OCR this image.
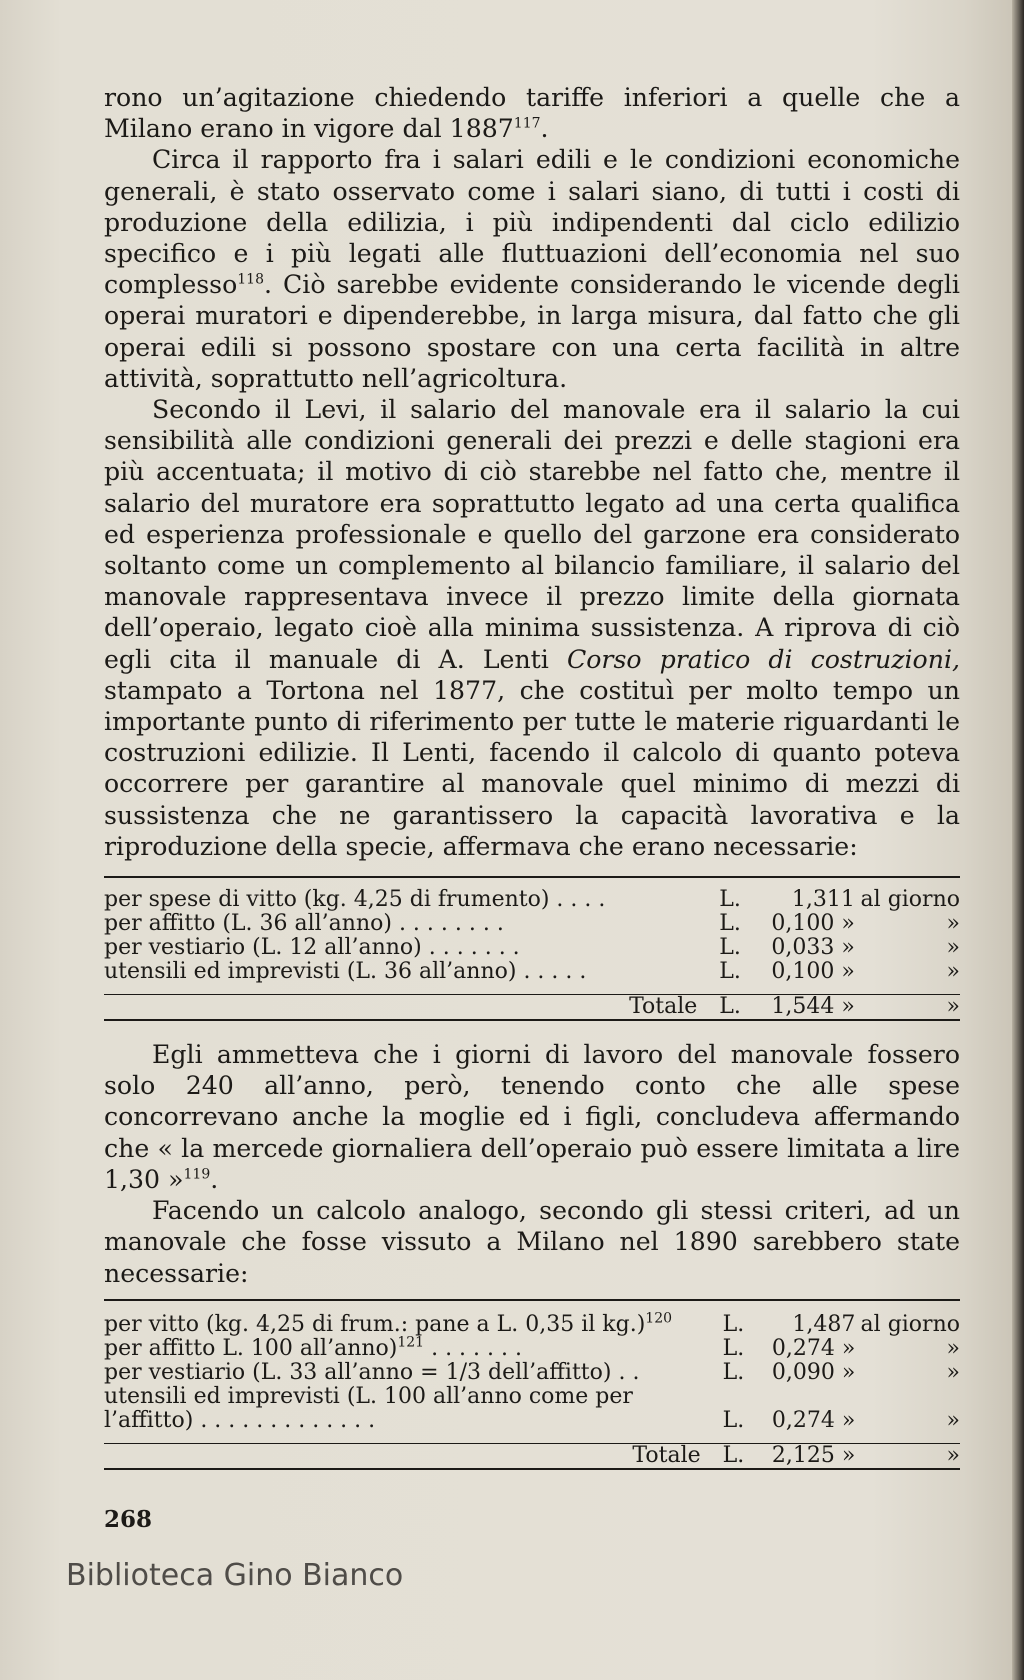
rono un’agitazione chiedendo tariffe inferiori a quelle che a Milano erano in vigore dal 1887$^{117}$.

Circa il rapporto fra i salari edili e le condizioni economiche generali, è stato osservato come i salari siano, di tutti i costi di produzione della edilizia, i più indipendenti dal ciclo edilizio specifico e i più legati alle fluttuazioni dell’economia nel suo complesso$^{118}$. Ciò sarebbe evidente considerando le vicende degli operai muratori e dipenderebbe, in larga misura, dal fatto che gli operai edili si possono spostare con una certa facilità in altre attività, soprattutto nell’agricoltura.

Secondo il Levi, il salario del manovale era il salario la cui sensibilità alle condizioni generali dei prezzi e delle stagioni era più accentuata; il motivo di ciò starebbe nel fatto che, mentre il salario del muratore era soprattutto legato ad una certa qualifica ed esperienza professionale e quello del garzone era considerato soltanto come un complemento al bilancio familiare, il salario del manovale rappresentava invece il prezzo limite della giornata dell’operaio, legato cioè alla minima sussistenza. A riprova di ciò egli cita il manuale di A. Lenti Corso pratico di costruzioni, stampato a Tortona nel 1877, che costituì per molto tempo un importante punto di riferimento per tutte le materie riguardanti le costruzioni edilizie. Il Lenti, facendo il calcolo di quanto poteva occorrere per garantire al manovale quel minimo di mezzi di sussistenza che ne garantissero la capacità lavorativa e la riproduzione della specie, affermava che erano necessarie:

per spese di vitto (kg. 4,25 di frumento) . . . .	L.	1,311	al giorno
per affitto (L. 36 all’anno) . . . . . . . .	L.	0,100 »	»
per vestiario (L. 12 all’anno) . . . . . . .	L.	0,033 »	»
utensili ed imprevisti (L. 36 all’anno) . . . . .	L.	0,100 »	»

Totale	L.	1,544 »	»

Egli ammetteva che i giorni di lavoro del manovale fossero solo 240 all’anno, però, tenendo conto che alle spese concorrevano anche la moglie ed i figli, concludeva affermando che « la mercede giornaliera dell’operaio può essere limitata a lire 1,30 »$^{119}$.

Facendo un calcolo analogo, secondo gli stessi criteri, ad un manovale che fosse vissuto a Milano nel 1890 sarebbero state necessarie:

per vitto (kg. 4,25 di frum.: pane a L. 0,35 il kg.)$^{120}$	L.	1,487	al giorno
per affitto L. 100 all’anno)$^{121}$ . . . . . . .	L.	0,274 »	»
per vestiario (L. 33 all’anno = 1/3 dell’affitto) . .	L.	0,090 »	»
utensili ed imprevisti (L. 100 all’anno come per l’affitto) . . . . . . . . . . . . .	L.	0,274 »	»

Totale	L.	2,125 »	»
268
Biblioteca Gino Bianco
